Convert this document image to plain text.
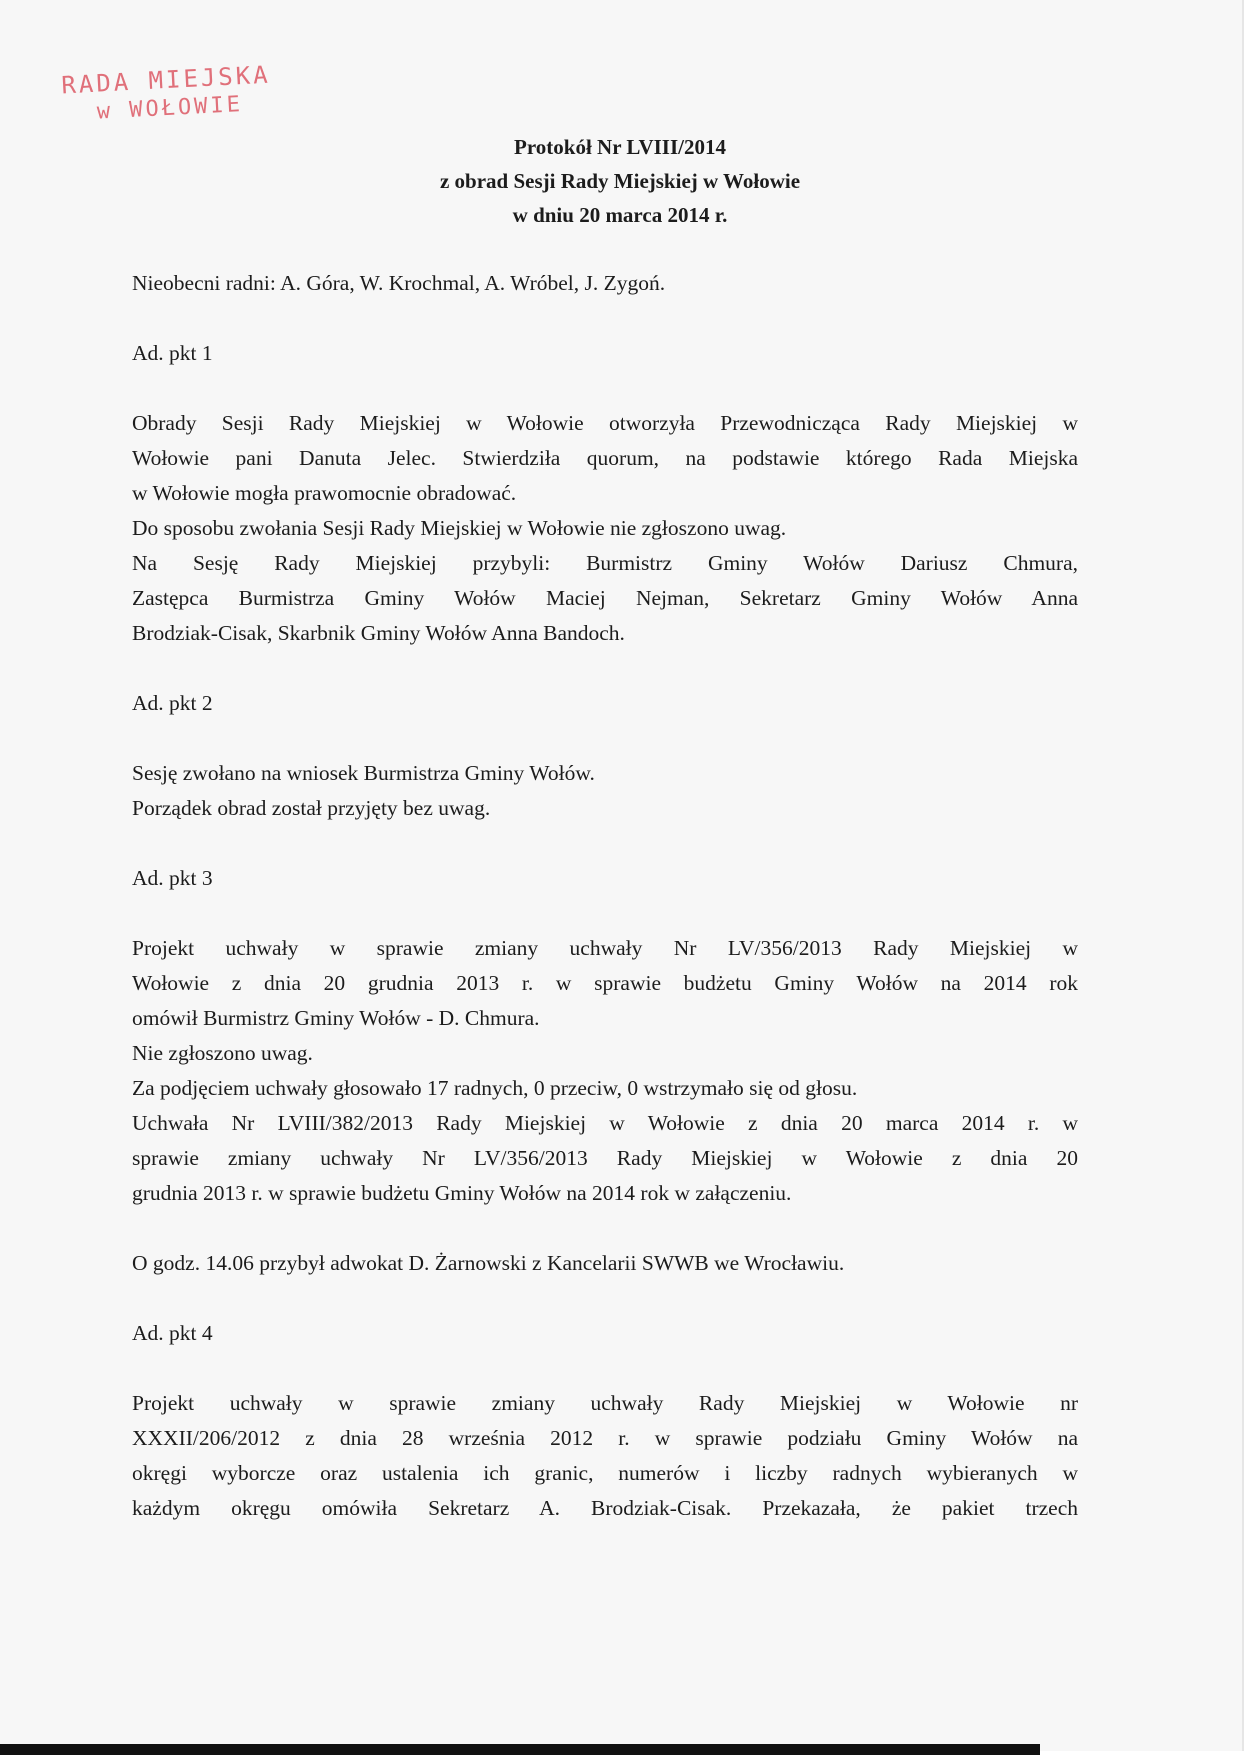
RADA MIEJSKA
w WOŁOWIE
Protokół Nr LVIII/2014
z obrad Sesji Rady Miejskiej w Wołowie
w dniu 20 marca 2014 r.
Nieobecni radni: A. Góra, W. Krochmal, A. Wróbel, J. Zygoń.
Ad. pkt 1
Obrady Sesji Rady Miejskiej w Wołowie otworzyła Przewodnicząca Rady Miejskiej w
Wołowie pani Danuta Jelec. Stwierdziła quorum, na podstawie którego Rada Miejska
w Wołowie mogła prawomocnie obradować.
Do sposobu zwołania Sesji Rady Miejskiej w Wołowie nie zgłoszono uwag.
Na Sesję Rady Miejskiej przybyli: Burmistrz Gminy Wołów Dariusz Chmura,
Zastępca Burmistrza Gminy Wołów Maciej Nejman, Sekretarz Gminy Wołów Anna
Brodziak-Cisak, Skarbnik Gminy Wołów Anna Bandoch.
Ad. pkt 2
Sesję zwołano na wniosek Burmistrza Gminy Wołów.
Porządek obrad został przyjęty bez uwag.
Ad. pkt 3
Projekt uchwały w sprawie zmiany uchwały Nr LV/356/2013 Rady Miejskiej w
Wołowie z dnia 20 grudnia 2013 r. w sprawie budżetu Gminy Wołów na 2014 rok
omówił Burmistrz Gminy Wołów - D. Chmura.
Nie zgłoszono uwag.
Za podjęciem uchwały głosowało 17 radnych, 0 przeciw, 0 wstrzymało się od głosu.
Uchwała Nr LVIII/382/2013 Rady Miejskiej w Wołowie z dnia 20 marca 2014 r. w
sprawie zmiany uchwały Nr LV/356/2013 Rady Miejskiej w Wołowie z dnia 20
grudnia 2013 r. w sprawie budżetu Gminy Wołów na 2014 rok w załączeniu.
O godz. 14.06 przybył adwokat D. Żarnowski z Kancelarii SWWB we Wrocławiu.
Ad. pkt 4
Projekt uchwały w sprawie zmiany uchwały Rady Miejskiej w Wołowie nr
XXXII/206/2012 z dnia 28 września 2012 r. w sprawie podziału Gminy Wołów na
okręgi wyborcze oraz ustalenia ich granic, numerów i liczby radnych wybieranych w
każdym okręgu omówiła Sekretarz A. Brodziak-Cisak. Przekazała, że pakiet trzech
